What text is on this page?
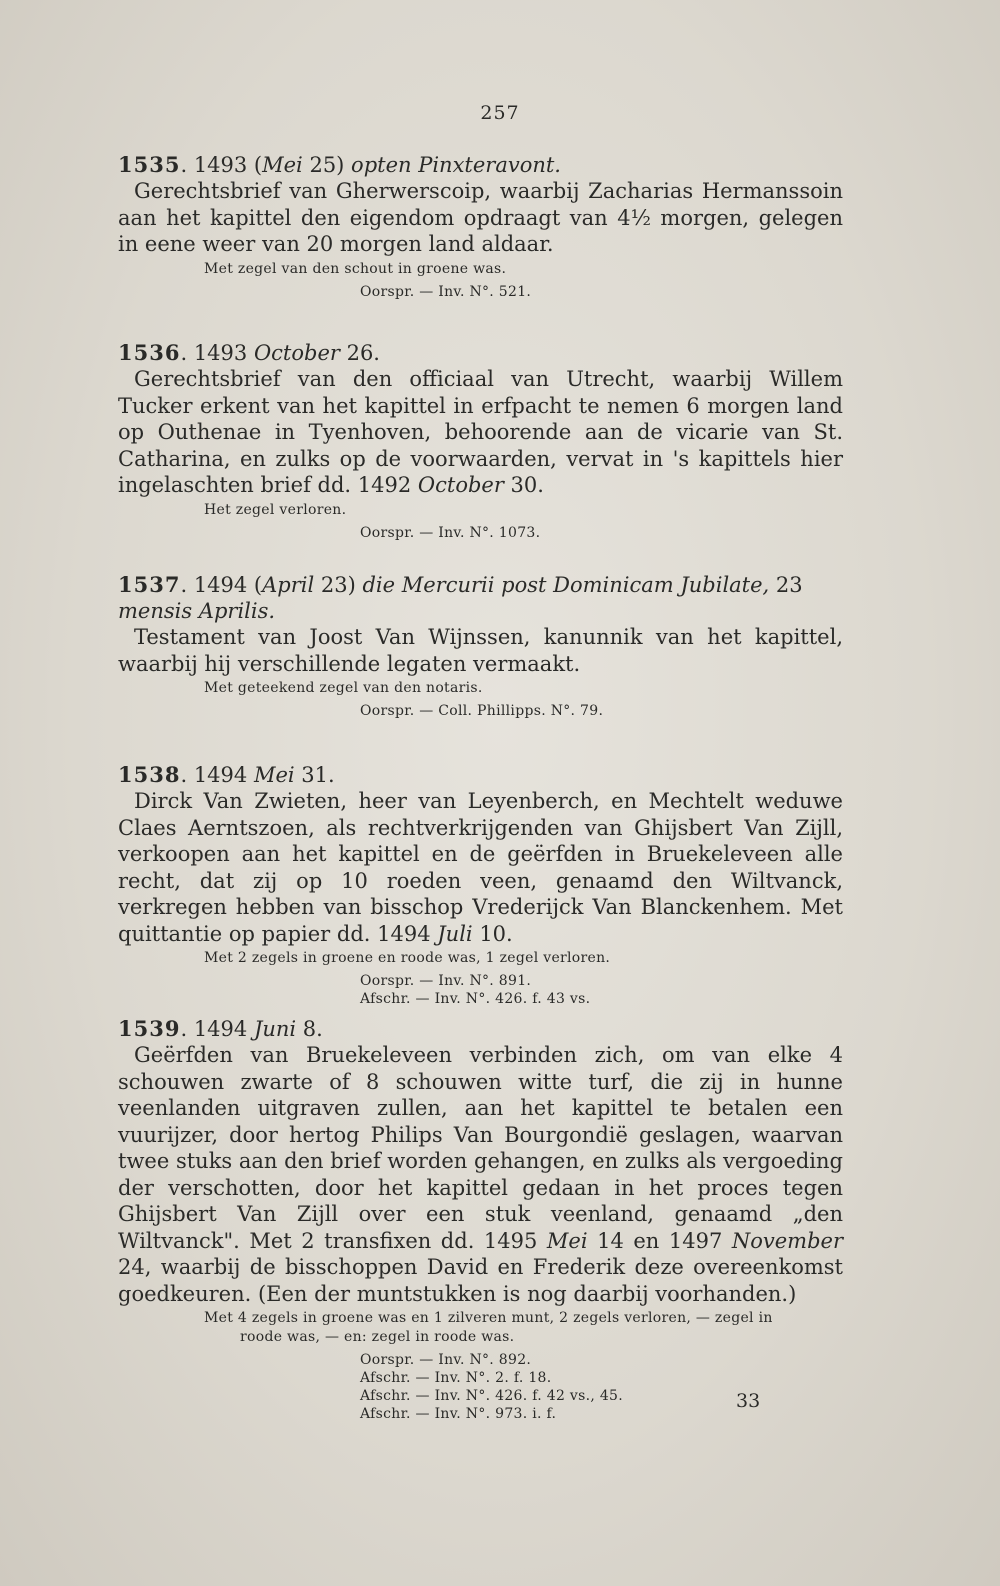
257

1535. 1493 (Mei 25) opten Pinxteravont.

Gerechtsbrief van Gherwerscoip, waarbij Zacharias Hermanssoin aan het kapittel den eigendom opdraagt van 4½ morgen, gelegen in eene weer van 20 morgen land aldaar.

Met zegel van den schout in groene was.

Oorspr. — Inv. N°. 521.

1536. 1493 October 26.

Gerechtsbrief van den officiaal van Utrecht, waarbij Willem Tucker erkent van het kapittel in erfpacht te nemen 6 morgen land op Outhenae in Tyenhoven, behoorende aan de vicarie van St. Catharina, en zulks op de voorwaarden, vervat in 's kapittels hier ingelaschten brief dd. 1492 October 30.

Het zegel verloren.

Oorspr. — Inv. N°. 1073.

1537. 1494 (April 23) die Mercurii post Dominicam Jubilate, 23 mensis Aprilis.

Testament van Joost Van Wijnssen, kanunnik van het kapittel, waarbij hij verschillende legaten vermaakt.

Met geteekend zegel van den notaris.

Oorspr. — Coll. Phillipps. N°. 79.

1538. 1494 Mei 31.

Dirck Van Zwieten, heer van Leyenberch, en Mechtelt weduwe Claes Aerntszoen, als rechtverkrijgenden van Ghijsbert Van Zijll, verkoopen aan het kapittel en de geërfden in Bruekeleveen alle recht, dat zij op 10 roeden veen, genaamd den Wiltvanck, verkregen hebben van bisschop Vrederijck Van Blanckenhem. Met quittantie op papier dd. 1494 Juli 10.

Met 2 zegels in groene en roode was, 1 zegel verloren.

Oorspr. — Inv. N°. 891.
Afschr. — Inv. N°. 426. f. 43 vs.

1539. 1494 Juni 8.

Geërfden van Bruekeleveen verbinden zich, om van elke 4 schouwen zwarte of 8 schouwen witte turf, die zij in hunne veenlanden uitgraven zullen, aan het kapittel te betalen een vuurijzer, door hertog Philips Van Bourgondië geslagen, waarvan twee stuks aan den brief worden gehangen, en zulks als vergoeding der verschotten, door het kapittel gedaan in het proces tegen Ghijsbert Van Zijll over een stuk veenland, genaamd „den Wiltvanck". Met 2 transfixen dd. 1495 Mei 14 en 1497 November 24, waarbij de bisschoppen David en Frederik deze overeenkomst goedkeuren. (Een der muntstukken is nog daarbij voorhanden.)

Met 4 zegels in groene was en 1 zilveren munt, 2 zegels verloren, — zegel in
roode was, — en: zegel in roode was.

Oorspr. — Inv. N°. 892.
Afschr. — Inv. N°. 2. f. 18.
Afschr. — Inv. N°. 426. f. 42 vs., 45.
Afschr. — Inv. N°. 973. i. f.
33
